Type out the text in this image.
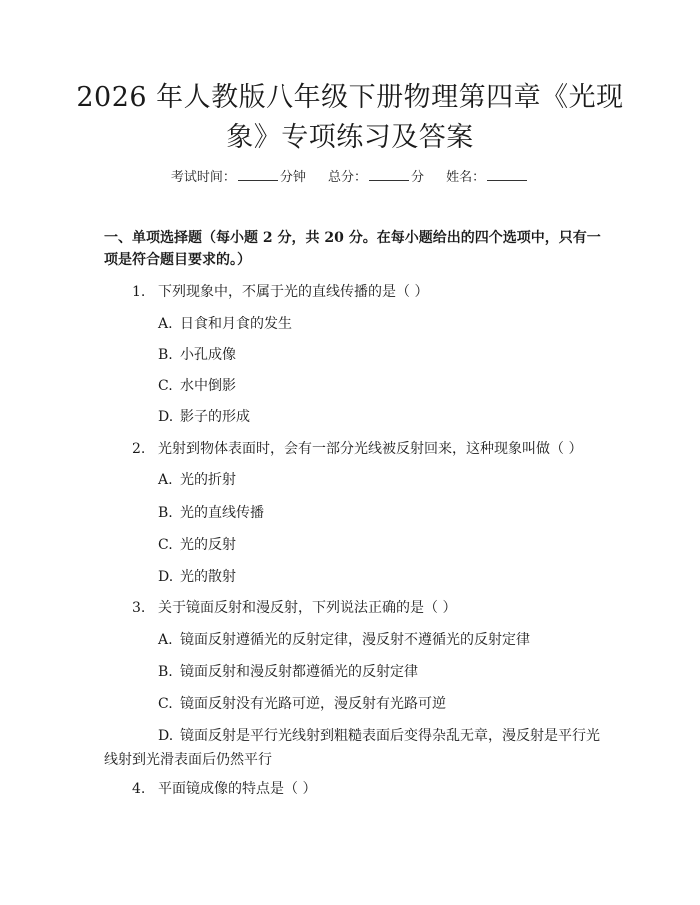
2026 年人教版八年级下册物理第四章《光现
象》专项练习及答案
考试时间：	分钟 总分：	分 姓名：

一、单项选择题（每小题 2 分，共 20 分。在每小题给出的四个选项中，只有一项是符合题目要求的。）

1. 下列现象中，不属于光的直线传播的是（ ）
A. 日食和月食的发生
B. 小孔成像
C. 水中倒影
D. 影子的形成
2. 光射到物体表面时，会有一部分光线被反射回来，这种现象叫做（ ）
A. 光的折射
B. 光的直线传播
C. 光的反射
D. 光的散射
3. 关于镜面反射和漫反射，下列说法正确的是（ ）
A. 镜面反射遵循光的反射定律，漫反射不遵循光的反射定律
B. 镜面反射和漫反射都遵循光的反射定律
C. 镜面反射没有光路可逆，漫反射有光路可逆
D. 镜面反射是平行光线射到粗糙表面后变得杂乱无章，漫反射是平行光
线射到光滑表面后仍然平行
4. 平面镜成像的特点是（ ）
